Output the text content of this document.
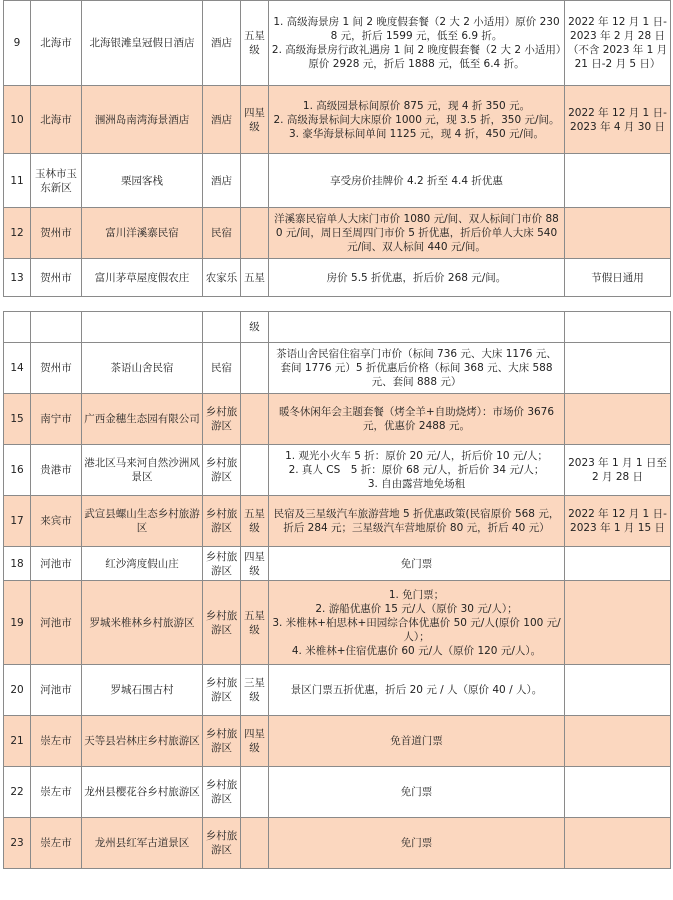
9	北海市	北海银滩皇冠假日酒店	酒店	五星级	1. 高级海景房 1 间 2 晚度假套餐（2 大 2 小适用）原价 2308 元，折后 1599 元，低至 6.9 折。
2. 高级海景房行政礼遇房 1 间 2 晚度假套餐（2 大 2 小适用）原价 2928 元，折后 1888 元，低至 6.4 折。	2022 年 12 月 1 日-2023 年 2 月 28 日（不含 2023 年 1 月 21 日-2 月 5 日）
10	北海市	涠洲岛南湾海景酒店	酒店	四星级	1. 高级园景标间原价 875 元，现 4 折 350 元。
2. 高级海景标间大床原价 1000 元，现 3.5 折，350 元/间。
3. 豪华海景标间单间 1125 元，现 4 折，450 元/间。	2022 年 12 月 1 日-2023 年 4 月 30 日
11	玉林市玉东新区	栗园客栈	酒店		享受房价挂牌价 4.2 折至 4.4 折优惠	
12	贺州市	富川洋溪寨民宿	民宿		洋溪寨民宿单人大床门市价 1080 元/间、双人标间门市价 880 元/间，周日至周四门市价 5 折优惠，折后价单人大床 540 元/间、双人标间 440 元/间。	
13	贺州市	富川茅草屋度假农庄	农家乐	五星	房价 5.5 折优惠，折后价 268 元/间。	节假日通用
				级		
14	贺州市	茶语山舍民宿	民宿		茶语山舍民宿住宿享门市价（标间 736 元、大床 1176 元、套间 1776 元）5 折优惠后价格（标间 368 元、大床 588 元、套间 888 元）	
15	南宁市	广西金穗生态园有限公司	乡村旅游区		暖冬休闲年会主题套餐（烤全羊+自助烧烤）：市场价 3676 元，优惠价 2488 元。	
16	贵港市	港北区马来河自然沙洲风景区	乡村旅游区		1. 观光小火车 5 折：原价 20 元/人，折后价 10 元/人；
2. 真人 CS　5 折：原价 68 元/人，折后价 34 元/人；
3. 自由露营地免场租	2023 年 1 月 1 日至 2 月 28 日
17	来宾市	武宣县螺山生态乡村旅游区	乡村旅游区	五星级	民宿及三星级汽车旅游营地 5 折优惠政策(民宿原价 568 元，折后 284 元；三星级汽车营地原价 80 元，折后 40 元）	2022 年 12 月 1 日-2023 年 1 月 15 日
18	河池市	红沙湾度假山庄	乡村旅游区	四星级	免门票	
19	河池市	罗城米椎林乡村旅游区	乡村旅游区	五星级	1. 免门票；
2. 游船优惠价 15 元/人（原价 30 元/人）；
3. 米椎林+桕思林+田园综合体优惠价 50 元/人(原价 100 元/人）；
4. 米椎林+住宿优惠价 60 元/人（原价 120 元/人）。	

20	河池市	罗城石围古村	乡村旅游区	三星级	景区门票五折优惠，折后 20 元 / 人（原价 40 / 人）。	
21	崇左市	天等县岩林庄乡村旅游区	乡村旅游区	四星级	免首道门票	
22	崇左市	龙州县樱花谷乡村旅游区	乡村旅游区		免门票	
23	崇左市	龙州县红军古道景区	乡村旅游区		免门票	
